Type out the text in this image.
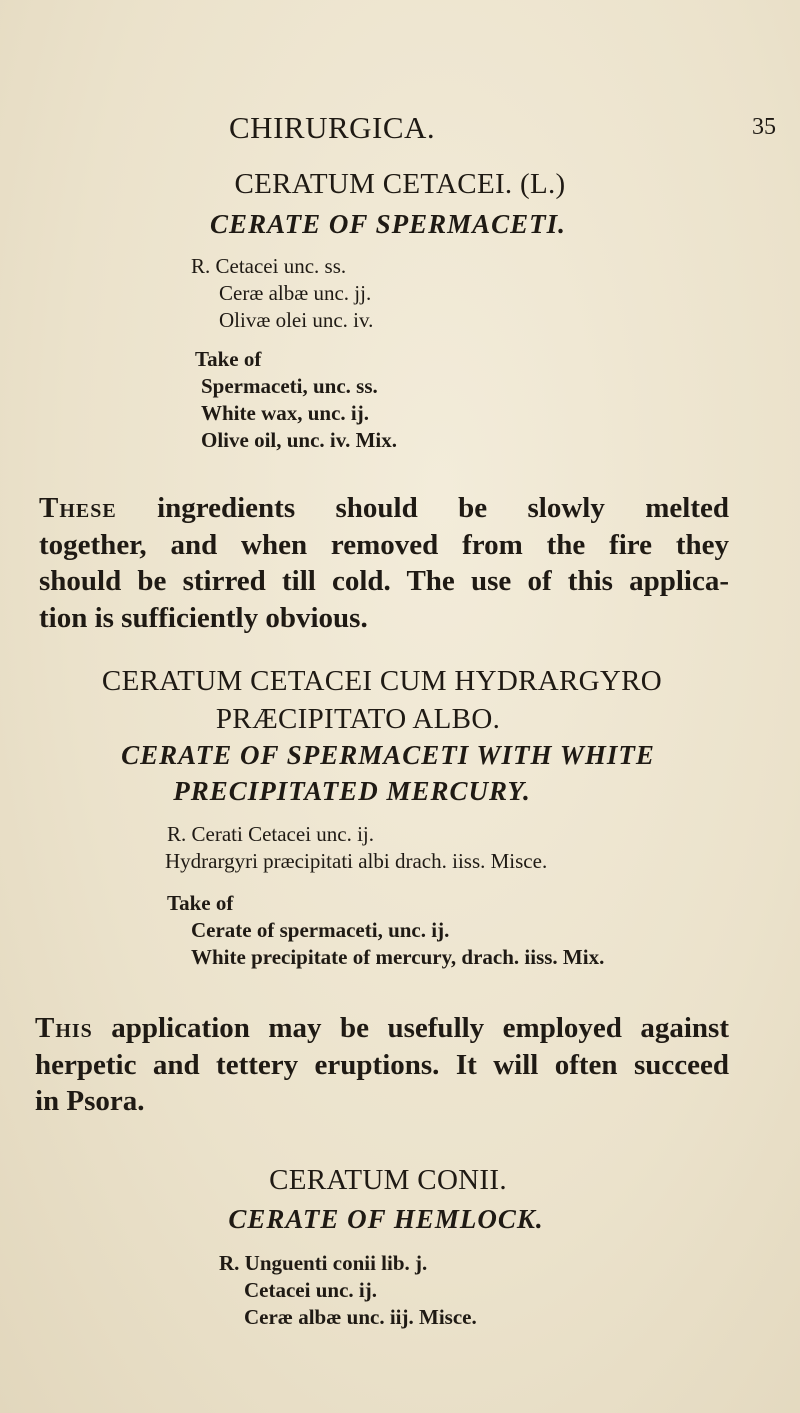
CHIRURGICA.	35
CERATUM CETACEI. (L.)
CERATE OF SPERMACETI.
R. Cetacei unc. ss.
Ceræ albæ unc. jj.
Olivæ olei unc. iv.
Take of
Spermaceti, unc. ss.
White wax, unc. ij.
Olive oil, unc. iv. Mix.
These ingredients should be slowly melted
together, and when removed from the fire they
should be stirred till cold. The use of this applica-
tion is sufficiently obvious.
CERATUM CETACEI CUM HYDRARGYRO
PRÆCIPITATO ALBO.
CERATE OF SPERMACETI WITH WHITE
PRECIPITATED MERCURY.
R. Cerati Cetacei unc. ij.
Hydrargyri præcipitati albi drach. iiss. Misce.
Take of
Cerate of spermaceti, unc. ij.
White precipitate of mercury, drach. iiss. Mix.
This application may be usefully employed against
herpetic and tettery eruptions. It will often succeed
in Psora.
CERATUM CONII.
CERATE OF HEMLOCK.
R. Unguenti conii lib. j.
Cetacei unc. ij.
Ceræ albæ unc. iij. Misce.
